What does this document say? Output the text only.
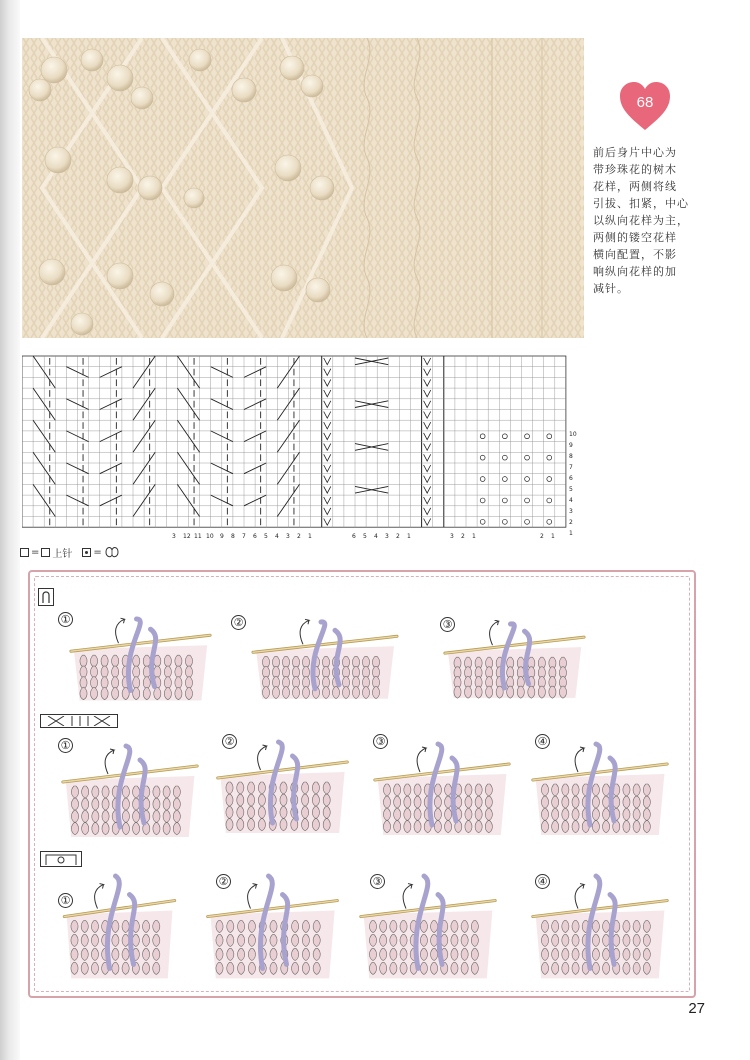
68
前后身片中心为
带珍珠花的树木
花样，两侧将线
引拔、扣紧，中心
以纵向花样为主，
两侧的镂空花样
横向配置，不影
响纵向花样的加
减针。
10
9
8
7
6
5
4
3
2
1
3 12 11 10 9 8 7 6 5 4 3 2 1	6 5 4 3 2 1	3 2 1	2 1
= 上针 =
①	②	③
①	②	③	④
①
②	③	④
27
